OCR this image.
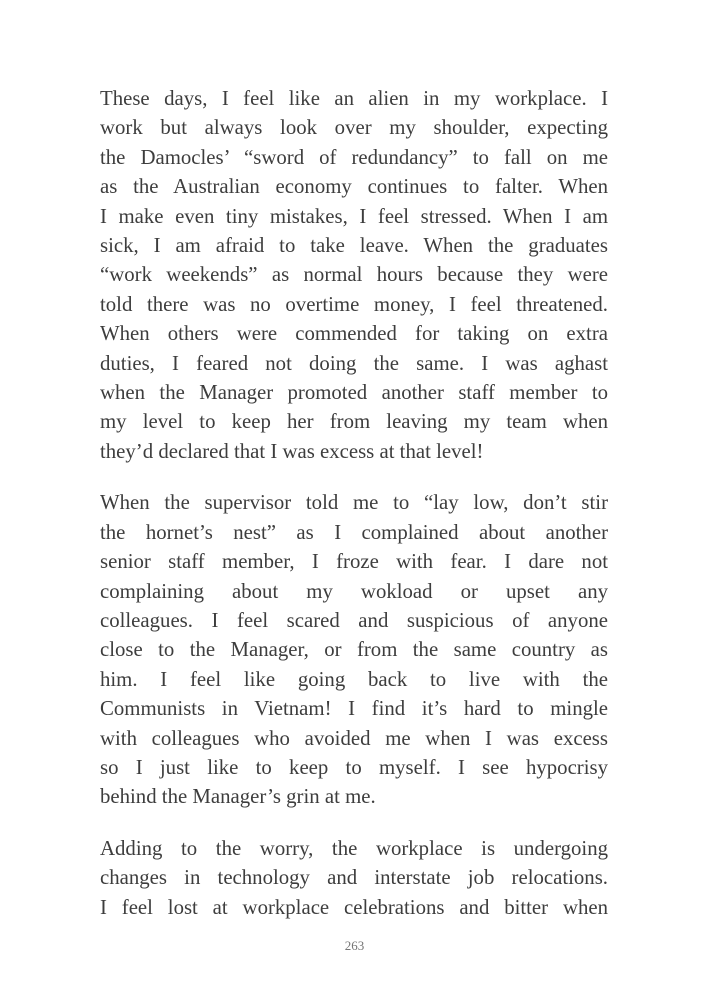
These days, I feel like an alien in my workplace. I
work but always look over my shoulder, expecting
the Damocles’ “sword of redundancy” to fall on me
as the Australian economy continues to falter. When
I make even tiny mistakes, I feel stressed. When I am
sick, I am afraid to take leave. When the graduates
“work weekends” as normal hours because they were
told there was no overtime money, I feel threatened.
When others were commended for taking on extra
duties, I feared not doing the same. I was aghast
when the Manager promoted another staff member to
my level to keep her from leaving my team when
they’d declared that I was excess at that level!
When the supervisor told me to “lay low, don’t stir
the hornet’s nest” as I complained about another
senior staff member, I froze with fear. I dare not
complaining about my wokload or upset any
colleagues. I feel scared and suspicious of anyone
close to the Manager, or from the same country as
him. I feel like going back to live with the
Communists in Vietnam! I find it’s hard to mingle
with colleagues who avoided me when I was excess
so I just like to keep to myself. I see hypocrisy
behind the Manager’s grin at me.
Adding to the worry, the workplace is undergoing
changes in technology and interstate job relocations.
I feel lost at workplace celebrations and bitter when
263
